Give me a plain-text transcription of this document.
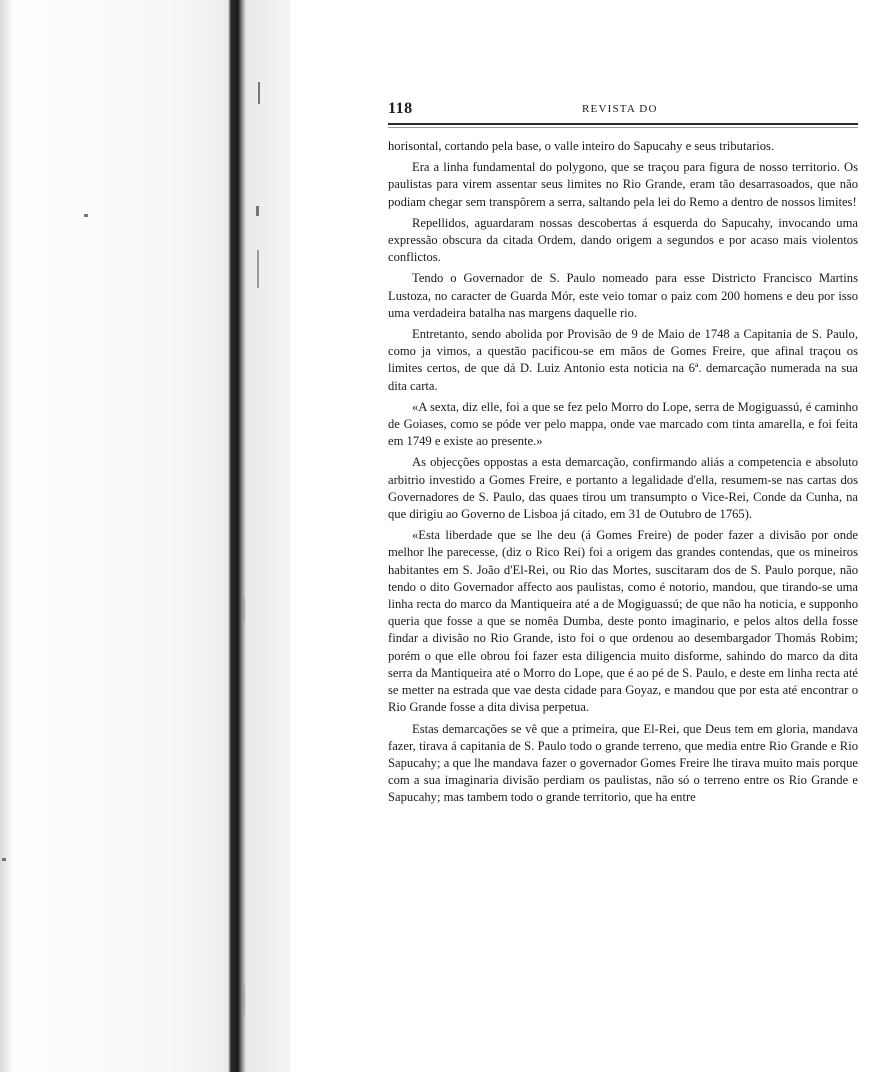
118	REVISTA DO

horisontal, cortando pela base, o valle inteiro do Sapucahy e seus tributarios.

Era a linha fundamental do polygono, que se traçou para figura de nosso territorio. Os paulistas para virem assentar seus limites no Rio Grande, eram tão desarrasoados, que não podiam chegar sem transpôrem a serra, saltando pela lei do Remo a dentro de nossos limites!

Repellidos, aguardaram nossas descobertas á esquerda do Sapucahy, invocando uma expressão obscura da citada Ordem, dando origem a segundos e por acaso mais violentos conflictos.

Tendo o Governador de S. Paulo nomeado para esse Districto Francisco Martins Lustoza, no caracter de Guarda Mór, este veio tomar o paiz com 200 homens e deu por isso uma verdadeira batalha nas margens daquelle rio.

Entretanto, sendo abolida por Provisão de 9 de Maio de 1748 a Capitania de S. Paulo, como ja vimos, a questão pacificou-se em mãos de Gomes Freire, que afinal traçou os limites certos, de que dá D. Luiz Antonio esta noticia na 6ª. demarcação numerada na sua dita carta.

«A sexta, diz elle, foi a que se fez pelo Morro do Lope, serra de Mogiguassú, é caminho de Goiases, como se póde ver pelo mappa, onde vae marcado com tinta amarella, e foi feita em 1749 e existe ao presente.»

As objecções oppostas a esta demarcação, confirmando aliás a competencia e absoluto arbitrio investido a Gomes Freire, e portanto a legalidade d'ella, resumem-se nas cartas dos Governadores de S. Paulo, das quaes tirou um transumpto o Vice-Rei, Conde da Cunha, na que dirigiu ao Governo de Lisboa já citado, em 31 de Outubro de 1765).

«Esta liberdade que se lhe deu (á Gomes Freire) de poder fazer a divisão por onde melhor lhe parecesse, (diz o Rico Rei) foi a origem das grandes contendas, que os mineiros habitantes em S. João d'El-Rei, ou Rio das Mortes, suscitaram dos de S. Paulo porque, não tendo o dito Governador affecto aos paulistas, como é notorio, mandou, que tirando-se uma linha recta do marco da Mantiqueira até a de Mogiguassú; de que não ha noticia, e supponho queria que fosse a que se nomêa Dumba, deste ponto imaginario, e pelos altos della fosse findar a divisão no Rio Grande, isto foi o que ordenou ao desembargador Thomás Robim; porém o que elle obrou foi fazer esta diligencia muito disforme, sahindo do marco da dita serra da Mantiqueira até o Morro do Lope, que é ao pé de S. Paulo, e deste em linha recta até se metter na estrada que vae desta cidade para Goyaz, e mandou que por esta até encontrar o Rio Grande fosse a dita divisa perpetua.

Estas demarcações se vê que a primeira, que El-Rei, que Deus tem em gloria, mandava fazer, tirava á capitania de S. Paulo todo o grande terreno, que media entre Rio Grande e Rio Sapucahy; a que lhe mandava fazer o governador Gomes Freire lhe tirava muito mais porque com a sua imaginaria divisão perdiam os paulistas, não só o terreno entre os Rio Grande e Sapucahy; mas tambem todo o grande territorio, que ha entre
